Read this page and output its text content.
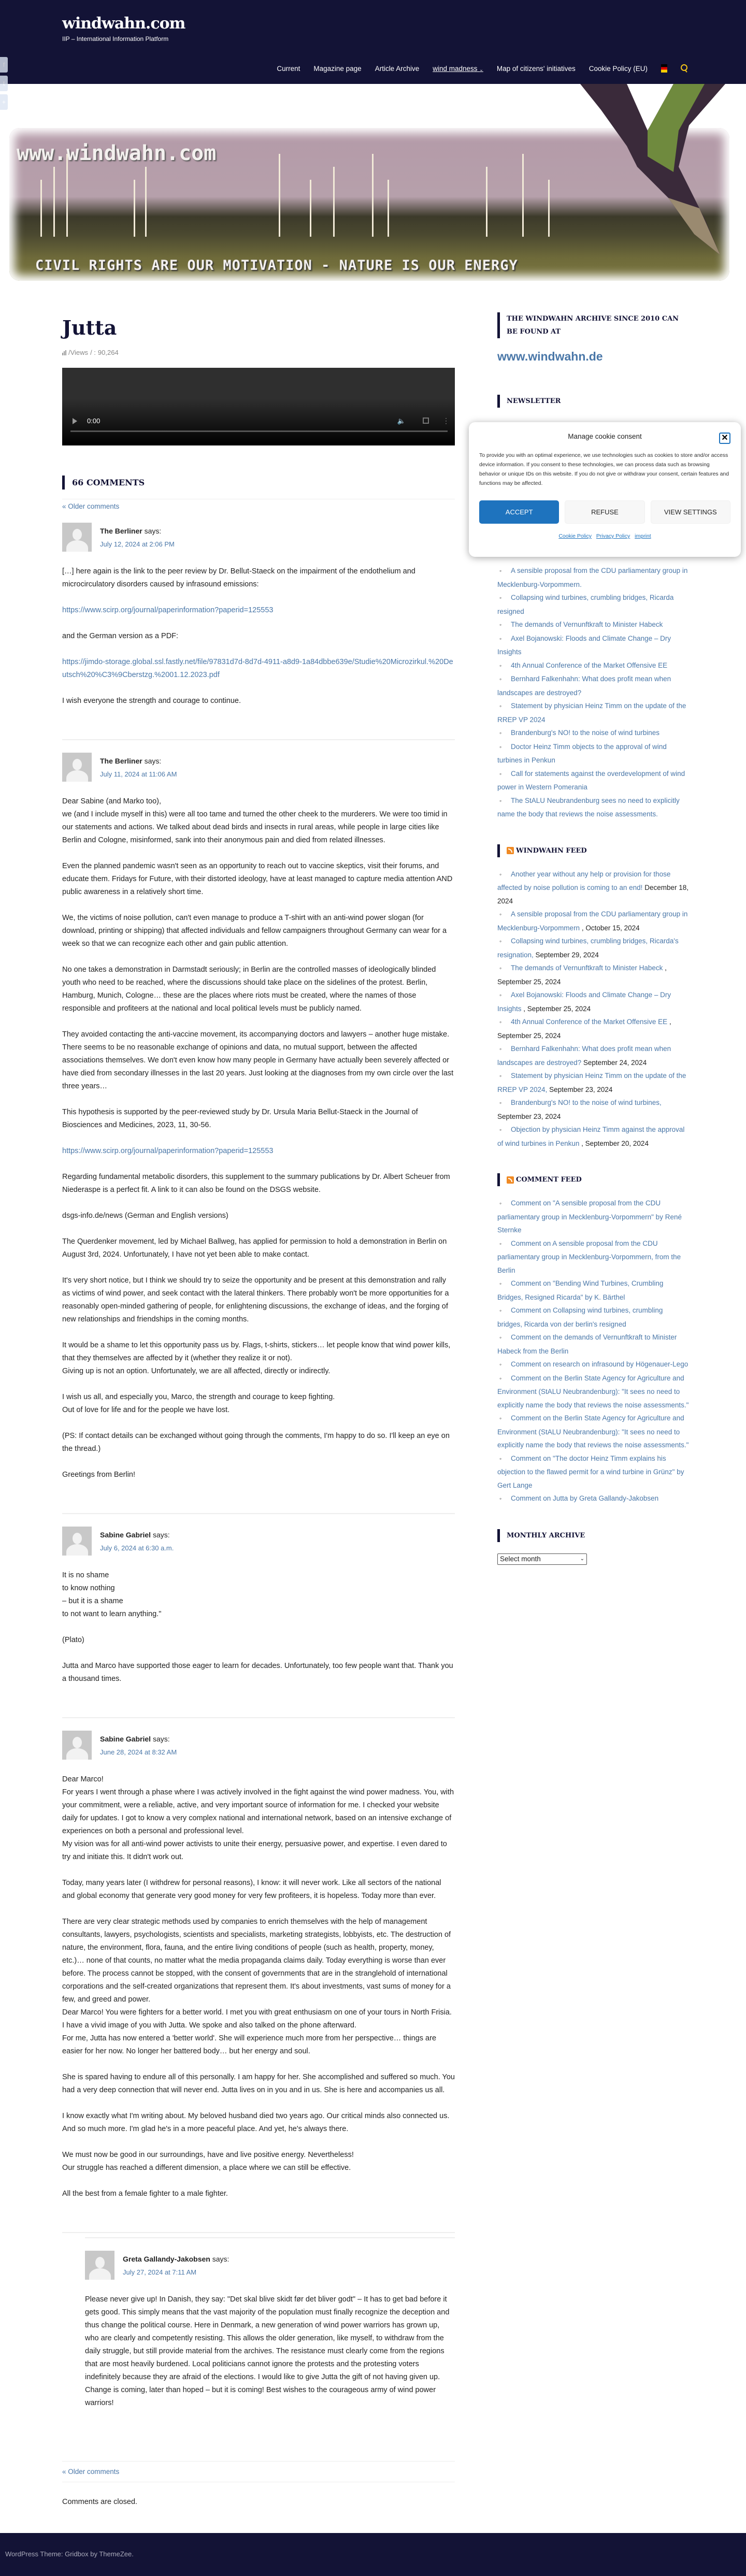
windwahn.com
IIP – International Information Platform
Current Magazine page Article Archive wind madness ⌄ Map of citizens' initiatives Cookie Policy (EU)
f
t
+
www.windwahn.com
CIVIL RIGHTS ARE OUR MOTIVATION - NATURE IS OUR ENERGY
Jutta
/Views / : 90,264
0:00	🔈	⋮
66 COMMENTS
« Older comments
The Berliner says:
July 12, 2024 at 2:06 PM

[…] here again is the link to the peer review by Dr. Bellut-Staeck on the impairment of the endothelium and microcirculatory disorders caused by infrasound emissions:

https://www.scirp.org/journal/paperinformation?paperid=125553

and the German version as a PDF:

https://jimdo-storage.global.ssl.fastly.net/file/97831d7d-8d7d-4911-a8d9-1a84dbbe639e/Studie%20Microzirkul.%20Deutsch%20%C3%9Cberstzg.%2001.12.2023.pdf

I wish everyone the strength and courage to continue.

The Berliner says:
July 11, 2024 at 11:06 AM

Dear Sabine (and Marko too),
we (and I include myself in this) were all too tame and turned the other cheek to the murderers. We were too timid in our statements and actions. We talked about dead birds and insects in rural areas, while people in large cities like Berlin and Cologne, misinformed, sank into their anonymous pain and died from related illnesses.

Even the planned pandemic wasn't seen as an opportunity to reach out to vaccine skeptics, visit their forums, and educate them. Fridays for Future, with their distorted ideology, have at least managed to capture media attention AND public awareness in a relatively short time.

We, the victims of noise pollution, can't even manage to produce a T-shirt with an anti-wind power slogan (for download, printing or shipping) that affected individuals and fellow campaigners throughout Germany can wear for a week so that we can recognize each other and gain public attention.

No one takes a demonstration in Darmstadt seriously; in Berlin are the controlled masses of ideologically blinded youth who need to be reached, where the discussions should take place on the sidelines of the protest. Berlin, Hamburg, Munich, Cologne… these are the places where riots must be created, where the names of those responsible and profiteers at the national and local political levels must be publicly named.

They avoided contacting the anti-vaccine movement, its accompanying doctors and lawyers – another huge mistake. There seems to be no reasonable exchange of opinions and data, no mutual support, between the affected associations themselves. We don't even know how many people in Germany have actually been severely affected or have died from secondary illnesses in the last 20 years. Just looking at the diagnoses from my own circle over the last three years…

This hypothesis is supported by the peer-reviewed study by Dr. Ursula Maria Bellut-Staeck in the Journal of Biosciences and Medicines, 2023, 11, 30-56.

https://www.scirp.org/journal/paperinformation?paperid=125553

Regarding fundamental metabolic disorders, this supplement to the summary publications by Dr. Albert Scheuer from Niederaspe is a perfect fit. A link to it can also be found on the DSGS website.

dsgs-info.de/news (German and English versions)

The Querdenker movement, led by Michael Ballweg, has applied for permission to hold a demonstration in Berlin on August 3rd, 2024. Unfortunately, I have not yet been able to make contact.

It's very short notice, but I think we should try to seize the opportunity and be present at this demonstration and rally as victims of wind power, and seek contact with the lateral thinkers. There probably won't be more opportunities for a reasonably open-minded gathering of people, for enlightening discussions, the exchange of ideas, and the forging of new relationships and friendships in the coming months.

It would be a shame to let this opportunity pass us by. Flags, t-shirts, stickers… let people know that wind power kills, that they themselves are affected by it (whether they realize it or not).
Giving up is not an option. Unfortunately, we are all affected, directly or indirectly.

I wish us all, and especially you, Marco, the strength and courage to keep fighting.
Out of love for life and for the people we have lost.

(PS: If contact details can be exchanged without going through the comments, I'm happy to do so. I'll keep an eye on the thread.)

Greetings from Berlin!

Sabine Gabriel says:
July 6, 2024 at 6:30 a.m.

It is no shame
to know nothing
– but it is a shame
to not want to learn anything."

(Plato)

Jutta and Marco have supported those eager to learn for decades. Unfortunately, too few people want that. Thank you a thousand times.

Sabine Gabriel says:
June 28, 2024 at 8:32 AM

Dear Marco!
For years I went through a phase where I was actively involved in the fight against the wind power madness. You, with your commitment, were a reliable, active, and very important source of information for me. I checked your website daily for updates. I got to know a very complex national and international network, based on an intensive exchange of experiences on both a personal and professional level.
My vision was for all anti-wind power activists to unite their energy, persuasive power, and expertise. I even dared to try and initiate this. It didn't work out.

Today, many years later (I withdrew for personal reasons), I know: it will never work. Like all sectors of the national and global economy that generate very good money for very few profiteers, it is hopeless. Today more than ever.

There are very clear strategic methods used by companies to enrich themselves with the help of management consultants, lawyers, psychologists, scientists and specialists, marketing strategists, lobbyists, etc. The destruction of nature, the environment, flora, fauna, and the entire living conditions of people (such as health, property, money, etc.)… none of that counts, no matter what the media propaganda claims daily. Today everything is worse than ever before. The process cannot be stopped, with the consent of governments that are in the stranglehold of international corporations and the self-created organizations that represent them. It's about investments, vast sums of money for a few, and greed and power.
Dear Marco! You were fighters for a better world. I met you with great enthusiasm on one of your tours in North Frisia. I have a vivid image of you with Jutta. We spoke and also talked on the phone afterward.
For me, Jutta has now entered a 'better world'. She will experience much more from her perspective… things are easier for her now. No longer her battered body… but her energy and soul.

She is spared having to endure all of this personally. I am happy for her. She accomplished and suffered so much. You had a very deep connection that will never end. Jutta lives on in you and in us. She is here and accompanies us all.

I know exactly what I'm writing about. My beloved husband died two years ago. Our critical minds also connected us. And so much more. I'm glad he's in a more peaceful place. And yet, he's always there.

We must now be good in our surroundings, have and live positive energy. Nevertheless!
Our struggle has reached a different dimension, a place where we can still be effective.

All the best from a female fighter to a male fighter.

Greta Gallandy-Jakobsen says:
July 27, 2024 at 7:11 AM

Please never give up! In Danish, they say: "Det skal blive skidt før det bliver godt" – It has to get bad before it gets good. This simply means that the vast majority of the population must finally recognize the deception and thus change the political course. Here in Denmark, a new generation of wind power warriors has grown up, who are clearly and competently resisting. This allows the older generation, like myself, to withdraw from the daily struggle, but still provide material from the archives. The resistance must clearly come from the regions that are most heavily burdened. Local politicians cannot ignore the protests and the protesting voters indefinitely because they are afraid of the elections. I would like to give Jutta the gift of not having given up. Change is coming, later than hoped – but it is coming! Best wishes to the courageous army of wind power warriors!

« Older comments
Comments are closed.
THE WINDWAHN ARCHIVE SINCE 2010 CAN BE FOUND AT
www.windwahn.de
NEWSLETTER
◦ A sensible proposal from the CDU parliamentary group in Mecklenburg-Vorpommern.
◦ Collapsing wind turbines, crumbling bridges, Ricarda resigned
◦ The demands of Vernunftkraft to Minister Habeck
◦ Axel Bojanowski: Floods and Climate Change – Dry Insights
◦ 4th Annual Conference of the Market Offensive EE
◦ Bernhard Falkenhahn: What does profit mean when landscapes are destroyed?
◦ Statement by physician Heinz Timm on the update of the RREP VP 2024
◦ Brandenburg's NO! to the noise of wind turbines
◦ Doctor Heinz Timm objects to the approval of wind turbines in Penkun
◦ Call for statements against the overdevelopment of wind power in Western Pomerania
◦ The StALU Neubrandenburg sees no need to explicitly name the body that reviews the noise assessments.
WINDWAHN FEED
◦ Another year without any help or provision for those affected by noise pollution is coming to an end! December 18, 2024
◦ A sensible proposal from the CDU parliamentary group in Mecklenburg-Vorpommern , October 15, 2024
◦ Collapsing wind turbines, crumbling bridges, Ricarda's resignation, September 29, 2024
◦ The demands of Vernunftkraft to Minister Habeck , September 25, 2024
◦ Axel Bojanowski: Floods and Climate Change – Dry Insights , September 25, 2024
◦ 4th Annual Conference of the Market Offensive EE , September 25, 2024
◦ Bernhard Falkenhahn: What does profit mean when landscapes are destroyed? September 24, 2024
◦ Statement by physician Heinz Timm on the update of the RREP VP 2024, September 23, 2024
◦ Brandenburg's NO! to the noise of wind turbines, September 23, 2024
◦ Objection by physician Heinz Timm against the approval of wind turbines in Penkun , September 20, 2024
COMMENT FEED
◦ Comment on "A sensible proposal from the CDU parliamentary group in Mecklenburg-Vorpommern" by René Sternke
◦ Comment on A sensible proposal from the CDU parliamentary group in Mecklenburg-Vorpommern, from the Berlin
◦ Comment on "Bending Wind Turbines, Crumbling Bridges, Resigned Ricarda" by K. Bärthel
◦ Comment on Collapsing wind turbines, crumbling bridges, Ricarda von der berlin's resigned
◦ Comment on the demands of Vernunftkraft to Minister Habeck from the Berlin
◦ Comment on research on infrasound by Högenauer-Lego
◦ Comment on the Berlin State Agency for Agriculture and Environment (StALU Neubrandenburg): "It sees no need to explicitly name the body that reviews the noise assessments."
◦ Comment on the Berlin State Agency for Agriculture and Environment (StALU Neubrandenburg): "It sees no need to explicitly name the body that reviews the noise assessments."
◦ Comment on "The doctor Heinz Timm explains his objection to the flawed permit for a wind turbine in Grünz" by Gert Lange
◦ Comment on Jutta by Greta Gallandy-Jakobsen
MONTHLY ARCHIVE
Select month	⌄
Manage cookie consent	✕
To provide you with an optimal experience, we use technologies such as cookies to store and/or access device information. If you consent to these technologies, we can process data such as browsing behavior or unique IDs on this website. If you do not give or withdraw your consent, certain features and functions may be affected.
ACCEPT	REFUSE	VIEW SETTINGS
Cookie Policy Privacy Policy imprint
WordPress Theme: Gridbox by ThemeZee.
